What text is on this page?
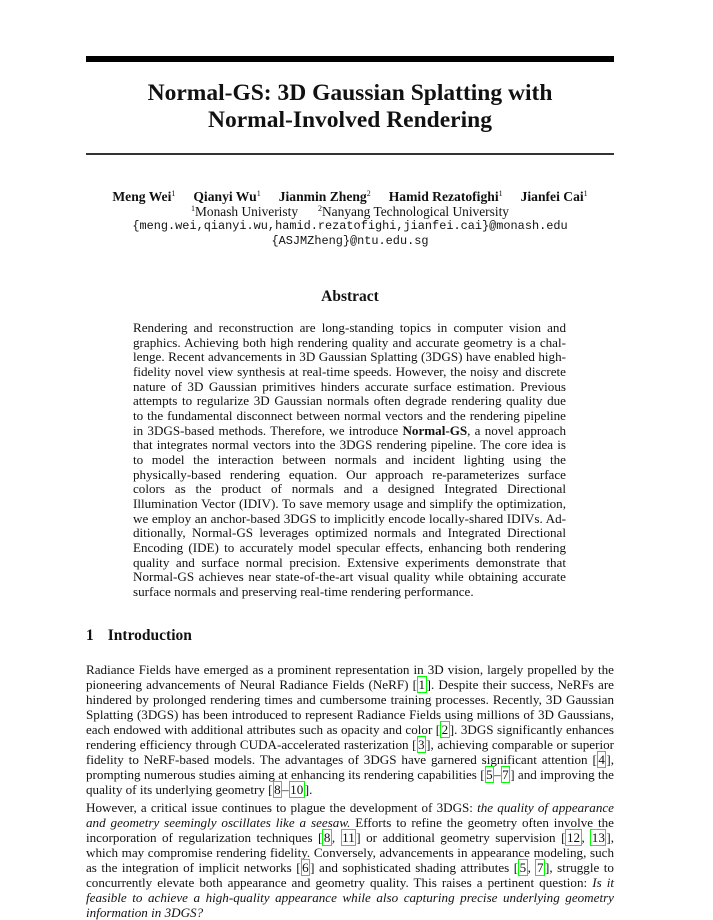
Normal-GS: 3D Gaussian Splatting with
Normal-Involved Rendering
Meng Wei$^1$ Qianyi Wu$^1$ Jianmin Zheng$^2$ Hamid Rezatofighi$^1$ Jianfei Cai$^1$
$^1$Monash Univeristy	$^2$Nanyang Technological University
{meng.wei,qianyi.wu,hamid.rezatofighi,jianfei.cai}@monash.edu
{ASJMZheng}@ntu.edu.sg
Abstract
Rendering and reconstruction are long-standing topics in computer vision and graphics. Achieving both high rendering quality and accurate geometry is a challenge. Recent advancements in 3D Gaussian Splatting (3DGS) have enabled high-fidelity novel view synthesis at real-time speeds. However, the noisy and discrete nature of 3D Gaussian primitives hinders accurate surface estimation. Previous attempts to regularize 3D Gaussian normals often degrade rendering quality due to the fundamental disconnect between normal vectors and the rendering pipeline in 3DGS-based methods. Therefore, we introduce Normal-GS, a novel approach that integrates normal vectors into the 3DGS rendering pipeline. The core idea is to model the interaction between normals and incident lighting using the physically-based rendering equation. Our approach re-parameterizes surface colors as the product of normals and a designed Integrated Directional Illumination Vector (IDIV). To save memory usage and simplify the optimization, we employ an anchor-based 3DGS to implicitly encode locally-shared IDIVs. Additionally, Normal-GS leverages optimized normals and Integrated Directional Encoding (IDE) to accurately model specular effects, enhancing both rendering quality and surface normal precision. Extensive experiments demonstrate that Normal-GS achieves near state-of-the-art visual quality while obtaining accurate surface normals and preserving real-time rendering performance.
1 Introduction
Radiance Fields have emerged as a prominent representation in 3D vision, largely propelled by the pioneering advancements of Neural Radiance Fields (NeRF) [ 1 ]. Despite their success, NeRFs are hindered by prolonged rendering times and cumbersome training processes. Recently, 3D Gaussian Splatting (3DGS) has been introduced to represent Radiance Fields using millions of 3D Gaussians, each endowed with additional attributes such as opacity and color [ 2 ]. 3DGS significantly enhances rendering efficiency through CUDA-accelerated rasterization [ 3 ], achieving comparable or superior fidelity to NeRF-based models. The advantages of 3DGS have garnered significant attention [ 4 ], prompting numerous studies aiming at enhancing its rendering capabilities [ 5 – 7 ] and improving the quality of its underlying geometry [ 8 – 10 ].
However, a critical issue continues to plague the development of 3DGS: the quality of appearance and geometry seemingly oscillates like a seesaw. Efforts to refine the geometry often involve the incorporation of regularization techniques [ 8 , 11 ] or additional geometry supervision [ 12 , 13 ], which may compromise rendering fidelity. Conversely, advancements in appearance modeling, such as the integration of implicit networks [ 6 ] and sophisticated shading attributes [ 5 , 7 ], struggle to concurrently elevate both appearance and geometry quality. This raises a pertinent question: Is it feasible to achieve a high-quality appearance while also capturing precise underlying geometry information in 3DGS?
